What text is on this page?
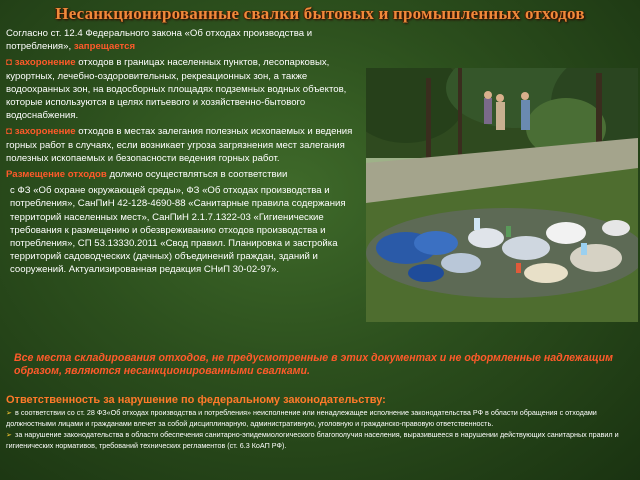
Несанкционированные свалки бытовых и промышленных отходов

Согласно ст. 12.4 Федерального закона «Об отходах производства и потребления», запрещается

◘ захоронение отходов в границах населенных пунктов, лесопарковых, курортных, лечебно-оздоровительных, рекреационных зон, а также водоохранных зон, на водосборных площадях подземных водных объектов, которые используются в целях питьевого и хозяйственно-бытового водоснабжения.

◘ захоронение отходов в местах залегания полезных ископаемых и ведения горных работ в случаях, если возникает угроза загрязнения мест залегания полезных ископаемых и безопасности ведения горных работ.

Размещение отходов должно осуществляться в соответствии

с ФЗ «Об охране окружающей среды», ФЗ «Об отходах производства и потребления», СанПиН 42-128-4690-88 «Санитарные правила содержания территорий населенных мест», СанПиН 2.1.7.1322-03 «Гигиенические требования к размещению и обезвреживанию отходов производства и потребления», СП 53.13330.2011 «Свод правил. Планировка и застройка территорий садоводческих (дачных) объединений граждан, зданий и сооружений. Актуализированная редакция СНиП 30-02-97».

Все места складирования отходов, не предусмотренные в этих документах и не оформленные надлежащим образом, являются несанкционированными свалками.
Ответственность за нарушение по федеральному законодательству:

➢ в соответствии со ст. 28 ФЗ«Об отходах производства и потребления» неисполнение или ненадлежащее исполнение законодательства РФ в области обращения с отходами должностными лицами и гражданами влечет за собой дисциплинарную, административную, уголовную и гражданско-правовую ответственность.

➢ за нарушение законодательства в области обеспечения санитарно-эпидемиологического благополучия населения, выразившееся в нарушении действующих санитарных правил и гигиенических нормативов, требований технических регламентов (ст. 6.3 КоАП РФ).
